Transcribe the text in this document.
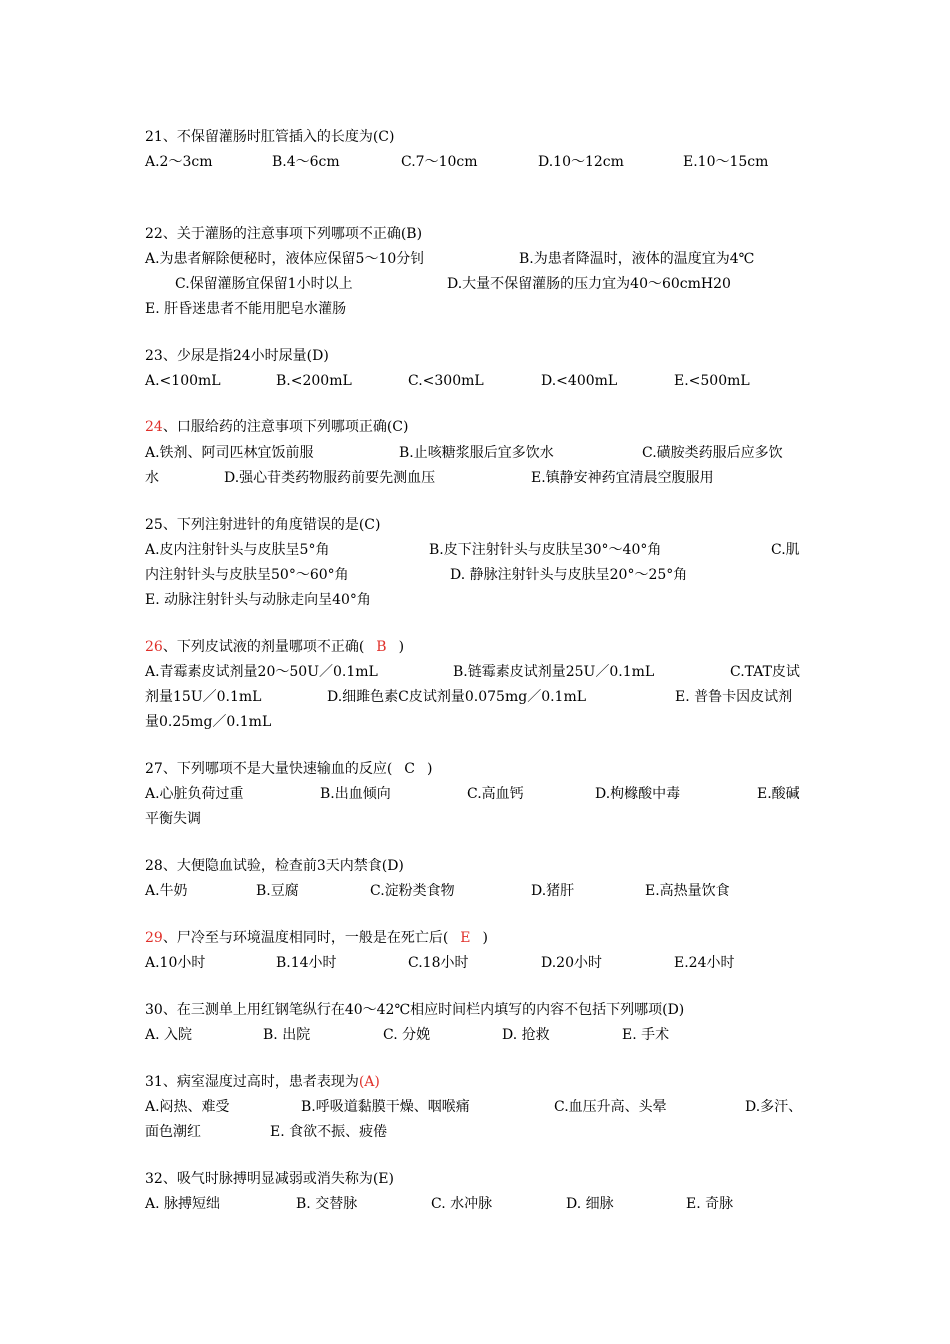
21、不保留灌肠时肛管插入的长度为(C)
A.2～3cm	B.4～6cm	C.7～10cm	D.10～12cm	E.10～15cm
22、关于灌肠的注意事项下列哪项不正确(B)
A.为患者解除便秘时，液体应保留5～10分钊	B.为患者降温时，液体的温度宜为4℃
C.保留灌肠宜保留1小时以上	D.大量不保留灌肠的压力宜为40～60cmH20
E. 肝昏迷患者不能用肥皂水灌肠
23、少尿是指24小时尿量(D)
A.<100mL	B.<200mL	C.<300mL	D.<400mL	E.<500mL
24、口服给药的注意事项下列哪项正确(C)
A.铁剂、阿司匹林宜饭前服	B.止咳糖浆服后宜多饮水	C.磺胺类药服后应多饮
水	D.强心苷类药物服药前要先测血压	E.镇静安神药宜清晨空腹服用
25、下列注射进针的角度错误的是(C)
A.皮内注射针头与皮肤呈5°角	B.皮下注射针头与皮肤呈30°～40°角	C.肌
内注射针头与皮肤呈50°～60°角	D. 静脉注射针头与皮肤呈20°～25°角
E. 动脉注射针头与动脉走向呈40°角
26、下列皮试液的剂量哪项不正确( B )
A.青霉素皮试剂量20～50U／0.1mL	B.链霉素皮试剂量25U／0.1mL	C.TAT皮试
剂量15U／0.1mL	D.细雎色素C皮试剂量0.075mg／0.1mL	E. 普鲁卡因皮试剂
量0.25mg／0.1mL
27、下列哪项不是大量快速输血的反应( C )
A.心脏负荷过重	B.出血倾向	C.高血钙	D.枸橼酸中毒	E.酸碱
平衡失调
28、大便隐血试验，检查前3天内禁食(D)
A.牛奶	B.豆腐	C.淀粉类食物	D.猪肝	E.高热量饮食
29、尸冷至与环境温度相同时，一般是在死亡后( E )
A.10小时	B.14小时	C.18小时	D.20小时	E.24小时
30、在三测单上用红钢笔纵行在40～42℃相应时间栏内填写的内容不包括下列哪项(D)
A. 入院	B. 出院	C. 分娩	D. 抢救	E. 手术
31、病室湿度过高时，患者表现为(A)
A.闷热、难受	B.呼吸道黏膜干燥、咽喉痛	C.血压升高、头晕	D.多汗、
面色潮红	E. 食欲不振、疲倦
32、吸气时脉搏明显减弱或消失称为(E)
A. 脉搏短绌	B. 交替脉	C. 水冲脉	D. 细脉	E. 奇脉
